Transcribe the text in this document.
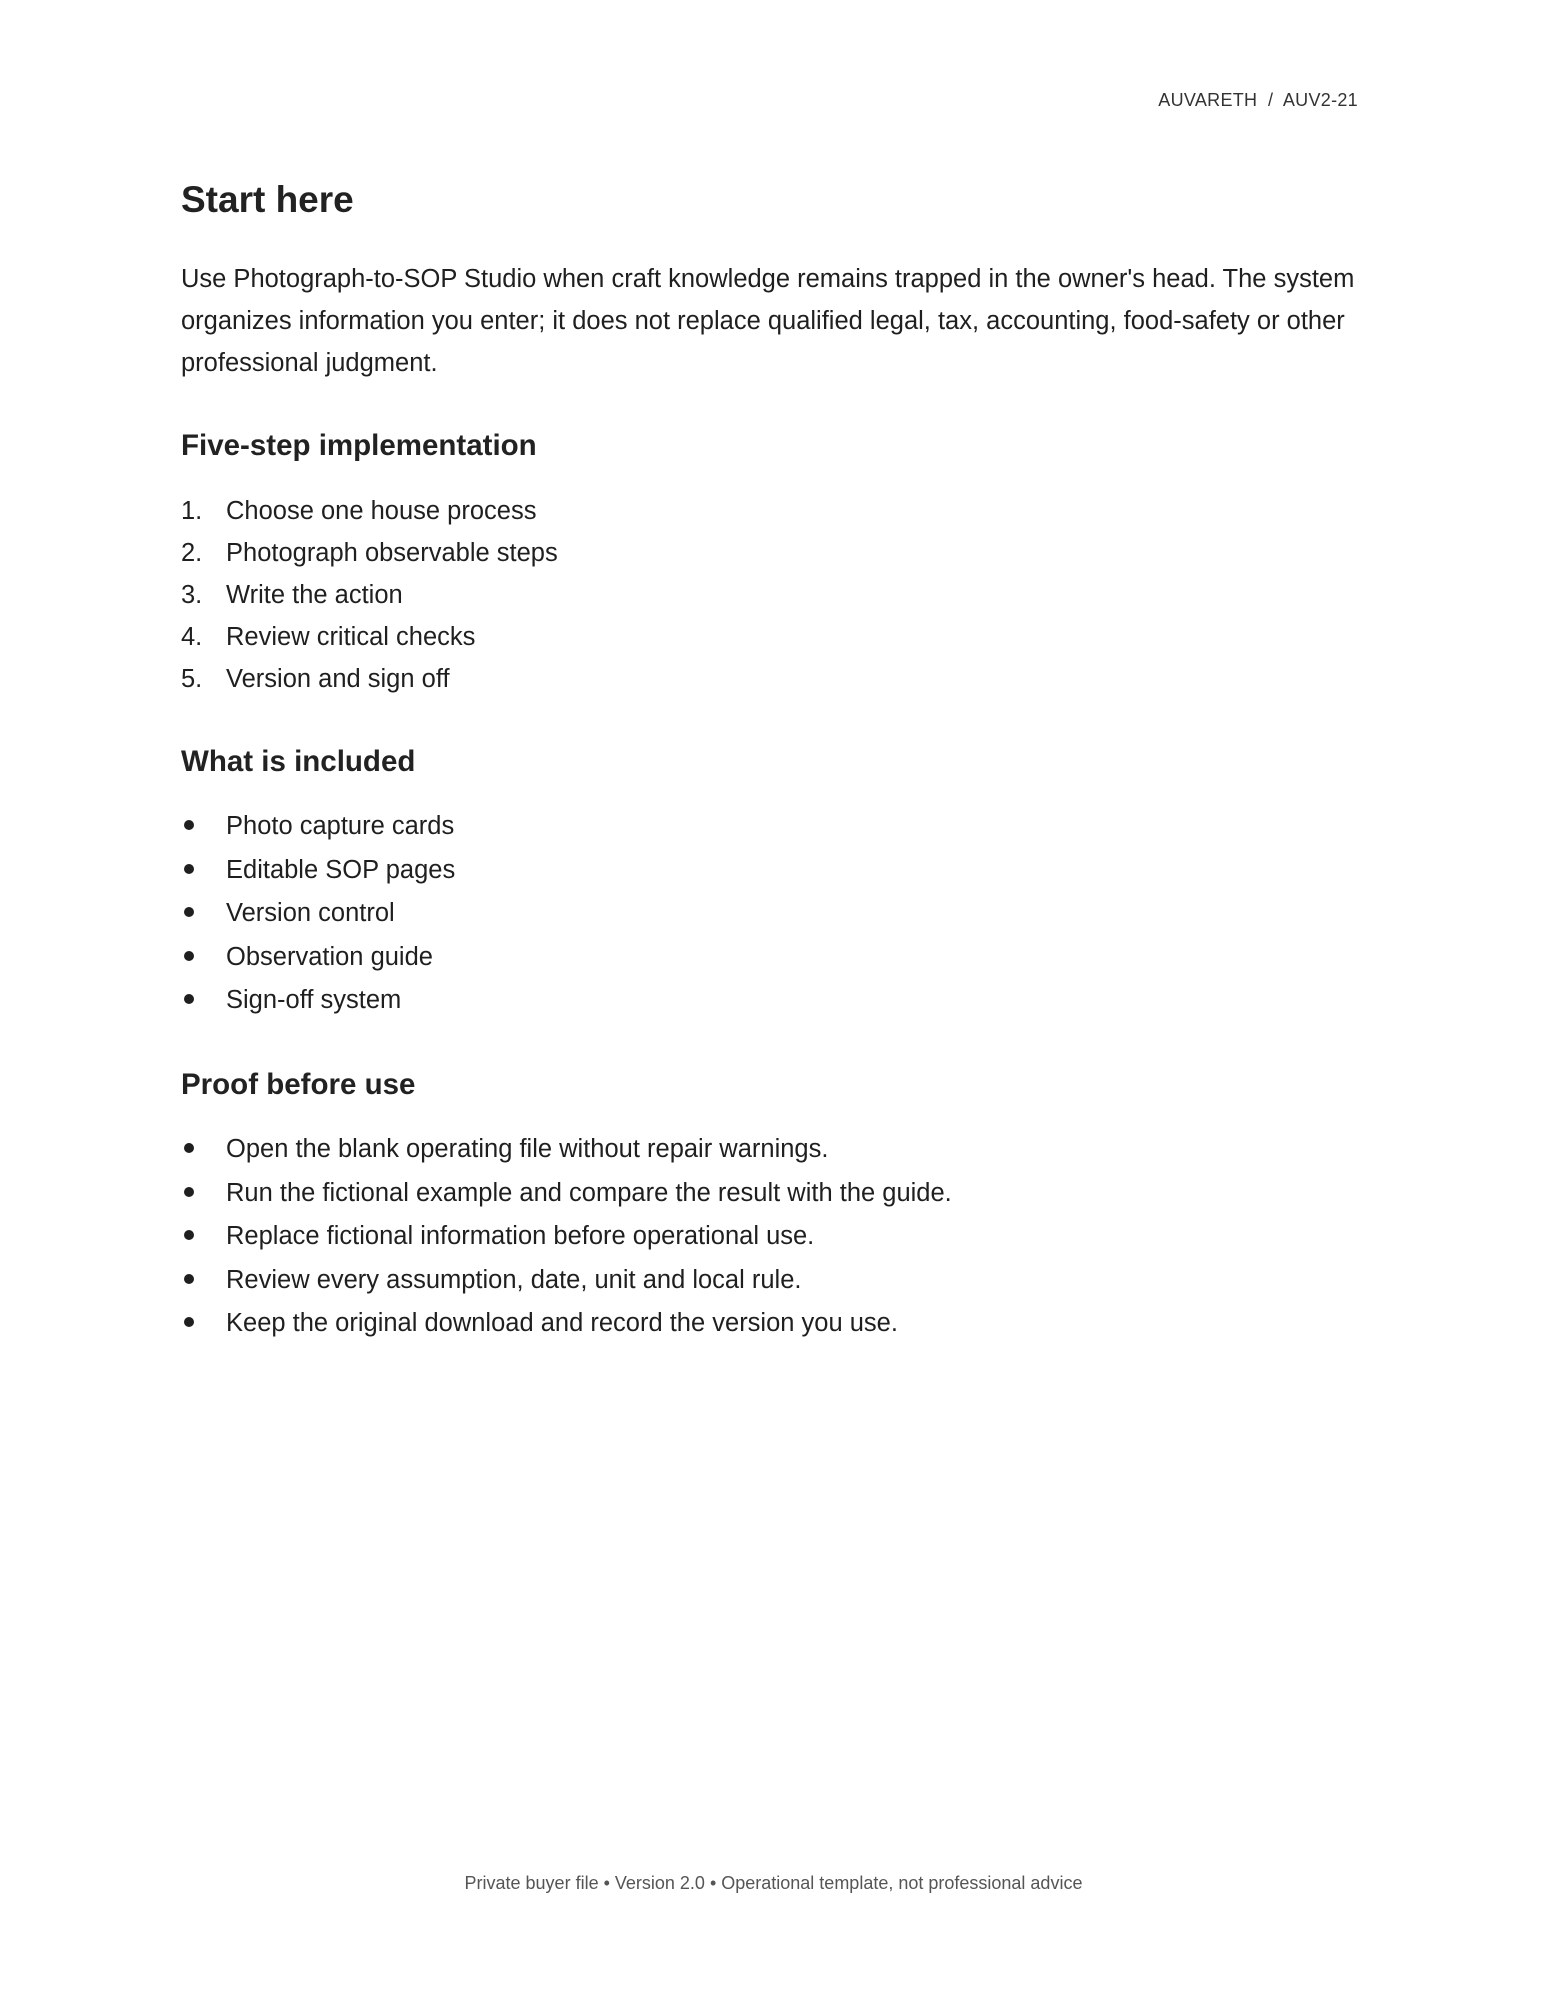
AUVARETH  /  AUV2-21
Start here

Use Photograph-to-SOP Studio when craft knowledge remains trapped in the owner's head. The system organizes information you enter; it does not replace qualified legal, tax, accounting, food-safety or other professional judgment.

Five-step implementation
1. Choose one house process
2. Photograph observable steps
3. Write the action
4. Review critical checks
5. Version and sign off
What is included
Photo capture cards
Editable SOP pages
Version control
Observation guide
Sign-off system
Proof before use
Open the blank operating file without repair warnings.
Run the fictional example and compare the result with the guide.
Replace fictional information before operational use.
Review every assumption, date, unit and local rule.
Keep the original download and record the version you use.
Private buyer file • Version 2.0 • Operational template, not professional advice
